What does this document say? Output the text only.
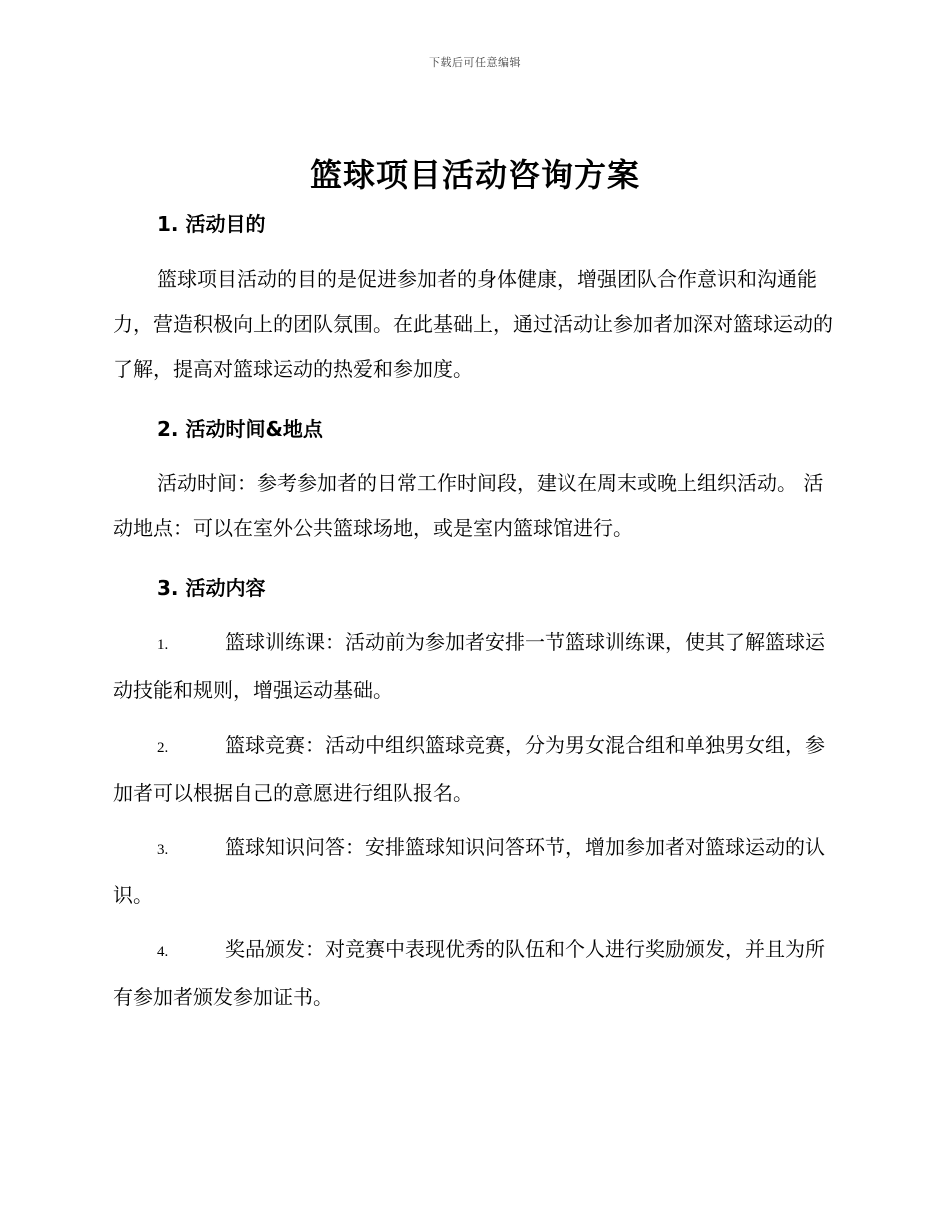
下载后可任意编辑
篮球项目活动咨询方案
1. 活动目的

篮球项目活动的目的是促进参加者的身体健康，增强团队合作意识和沟通能力，营造积极向上的团队氛围。在此基础上，通过活动让参加者加深对篮球运动的了解，提高对篮球运动的热爱和参加度。

2. 活动时间&地点

活动时间：参考参加者的日常工作时间段，建议在周末或晚上组织活动。 活动地点：可以在室外公共篮球场地，或是室内篮球馆进行。

3. 活动内容

1.	篮球训练课：活动前为参加者安排一节篮球训练课，使其了解篮球运动技能和规则，增强运动基础。

2.	篮球竞赛：活动中组织篮球竞赛，分为男女混合组和单独男女组，参加者可以根据自己的意愿进行组队报名。

3.	篮球知识问答：安排篮球知识问答环节，增加参加者对篮球运动的认识。

4.	奖品颁发：对竞赛中表现优秀的队伍和个人进行奖励颁发，并且为所有参加者颁发参加证书。
